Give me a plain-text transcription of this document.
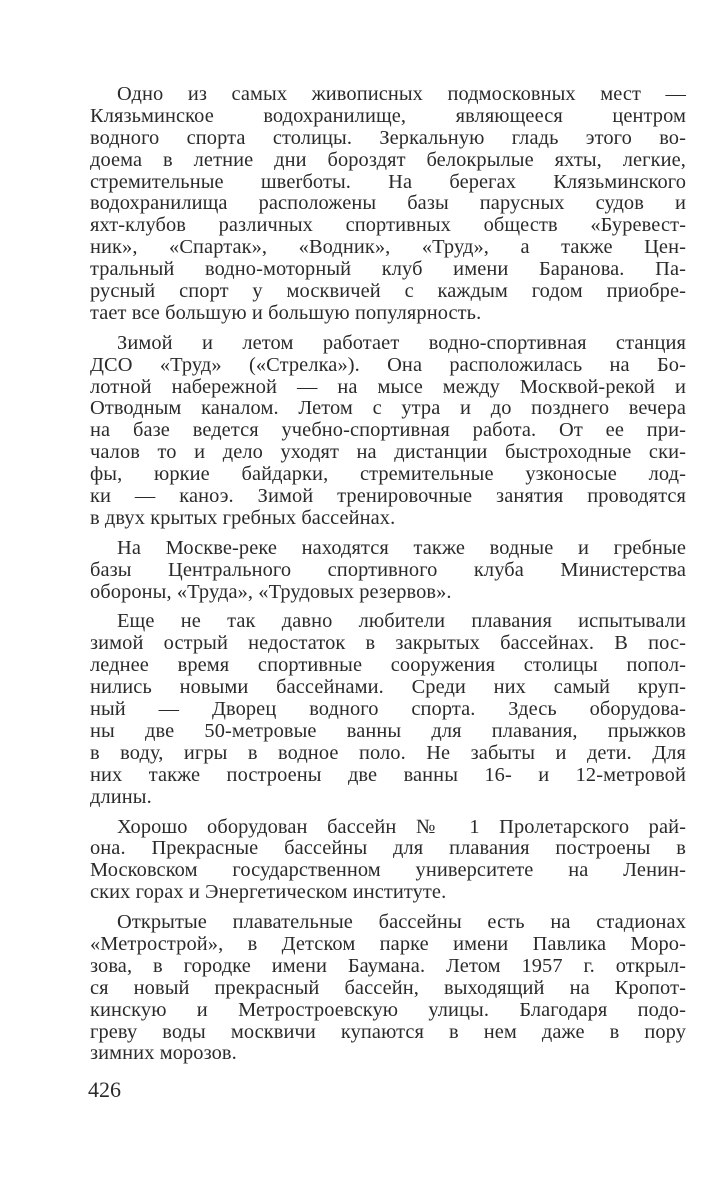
Одно из самых живописных подмосковных мест —
Клязьминское водохранилище, являющееся центром
водного спорта столицы. Зеркальную гладь этого во-
доема в летние дни бороздят белокрылые яхты, легкие,
стремительные швerботы. На берегах Клязьминского
водохранилища расположены базы парусных судов и
яхт-клубов различных спортивных обществ «Буревест-
ник», «Спартак», «Водник», «Труд», а также Цен-
тральный водно-моторный клуб имени Баранова. Па-
русный спорт у москвичей с каждым годом приобре-
тает все большую и большую популярность.
Зимой и летом работает водно-спортивная станция
ДСО «Труд» («Стрелка»). Она расположилась на Бо-
лотной набережной — на мысе между Москвой-рекой и
Отводным каналом. Летом с утра и до позднего вечера
на базе ведется учебно-спортивная работа. От ее при-
чалов то и дело уходят на дистанции быстроходные ски-
фы, юркие байдарки, стремительные узконосые лод-
ки — каноэ. Зимой тренировочные занятия проводятся
в двух крытых гребных бассейнах.
На Москве-реке находятся также водные и гребные
базы Центрального спортивного клуба Министерства
обороны, «Труда», «Трудовых резервов».
Еще не так давно любители плавания испытывали
зимой острый недостаток в закрытых бассейнах. В пос-
леднее время спортивные сооружения столицы попол-
нились новыми бассейнами. Среди них самый круп-
ный — Дворец водного спорта. Здесь оборудова-
ны две 50-метровые ванны для плавания, прыжков
в воду, игры в водное поло. Не забыты и дети. Для
них также построены две ванны 16- и 12-метровой
длины.
Хорошо оборудован бассейн № 1 Пролетарского рай-
она. Прекрасные бассейны для плавания построены в
Московском государственном университете на Ленин-
ских горах и Энергетическом институте.
Открытые плавательные бассейны есть на стадионах
«Метрострой», в Детском парке имени Павлика Моро-
зова, в городке имени Баумана. Летом 1957 г. открыл-
ся новый прекрасный бассейн, выходящий на Кропот-
кинскую и Метростроевскую улицы. Благодаря подо-
греву воды москвичи купаются в нем даже в пору
зимних морозов.
426
